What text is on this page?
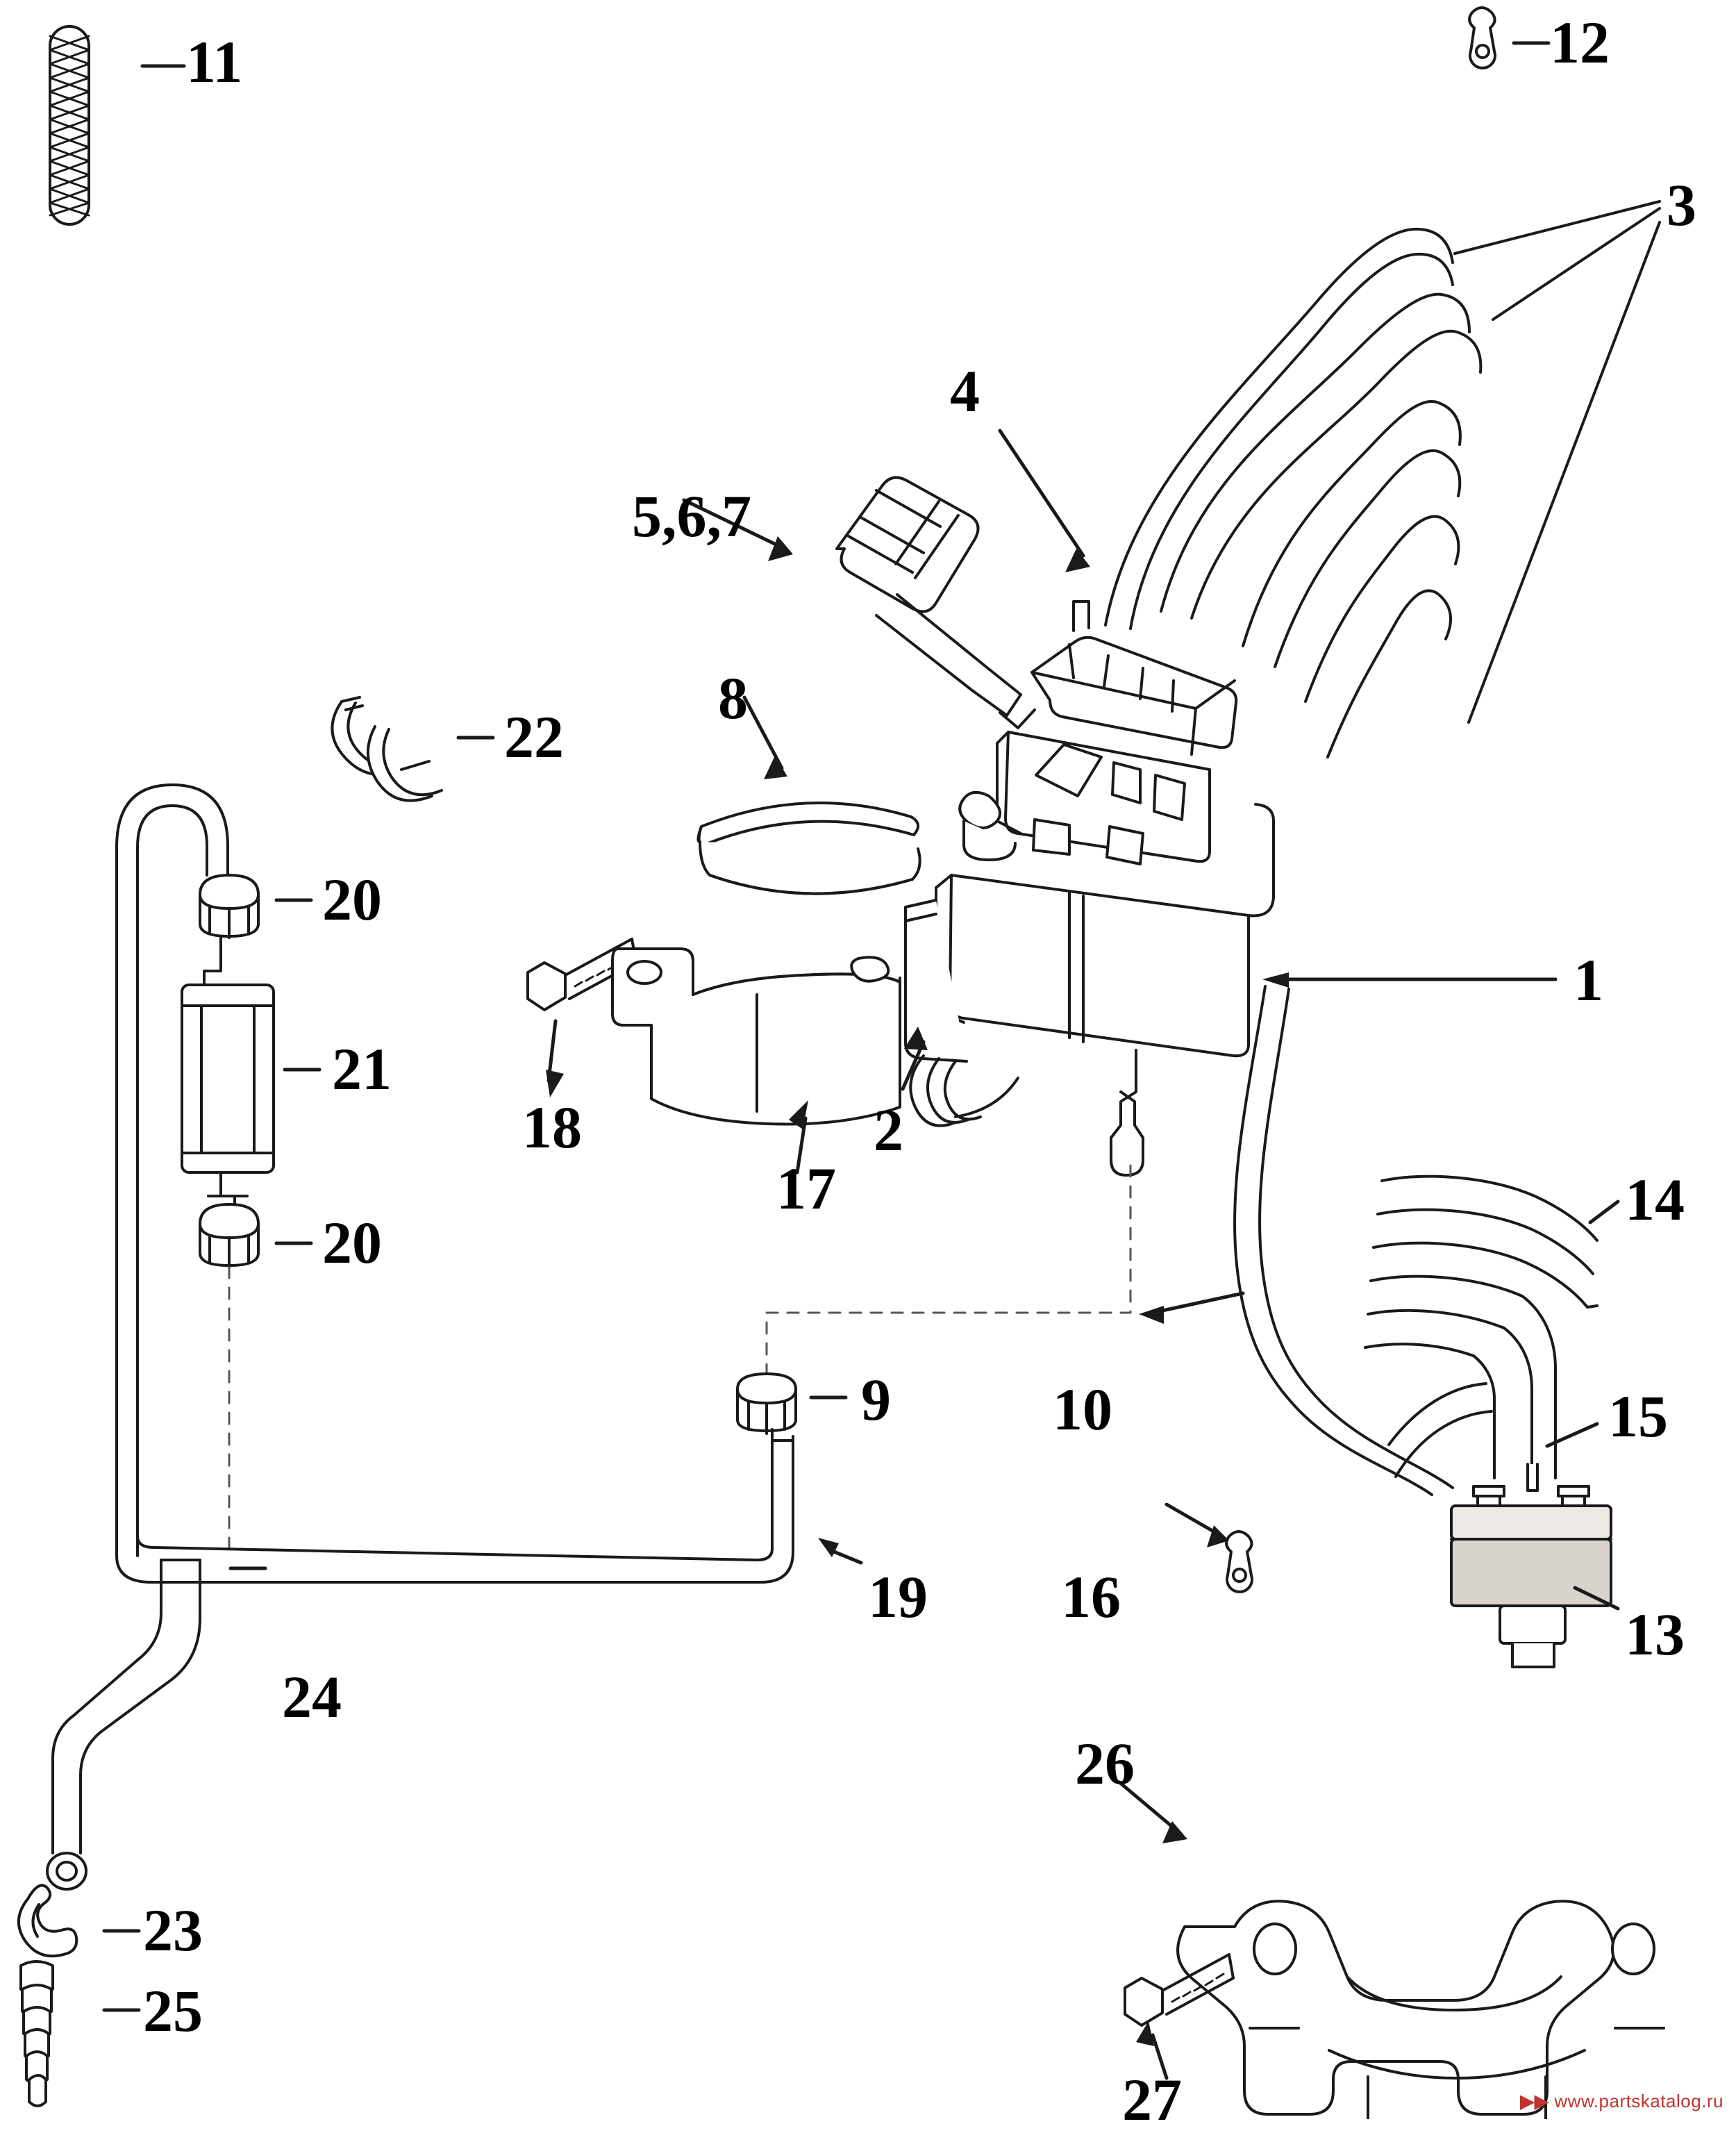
11	12
3
4
5,6,7
8
22
20
21
18
17
2
1
20
9	10
14
15
19
13
16
24
23
25
26
27	▶▶ www.partskatalog.ru
